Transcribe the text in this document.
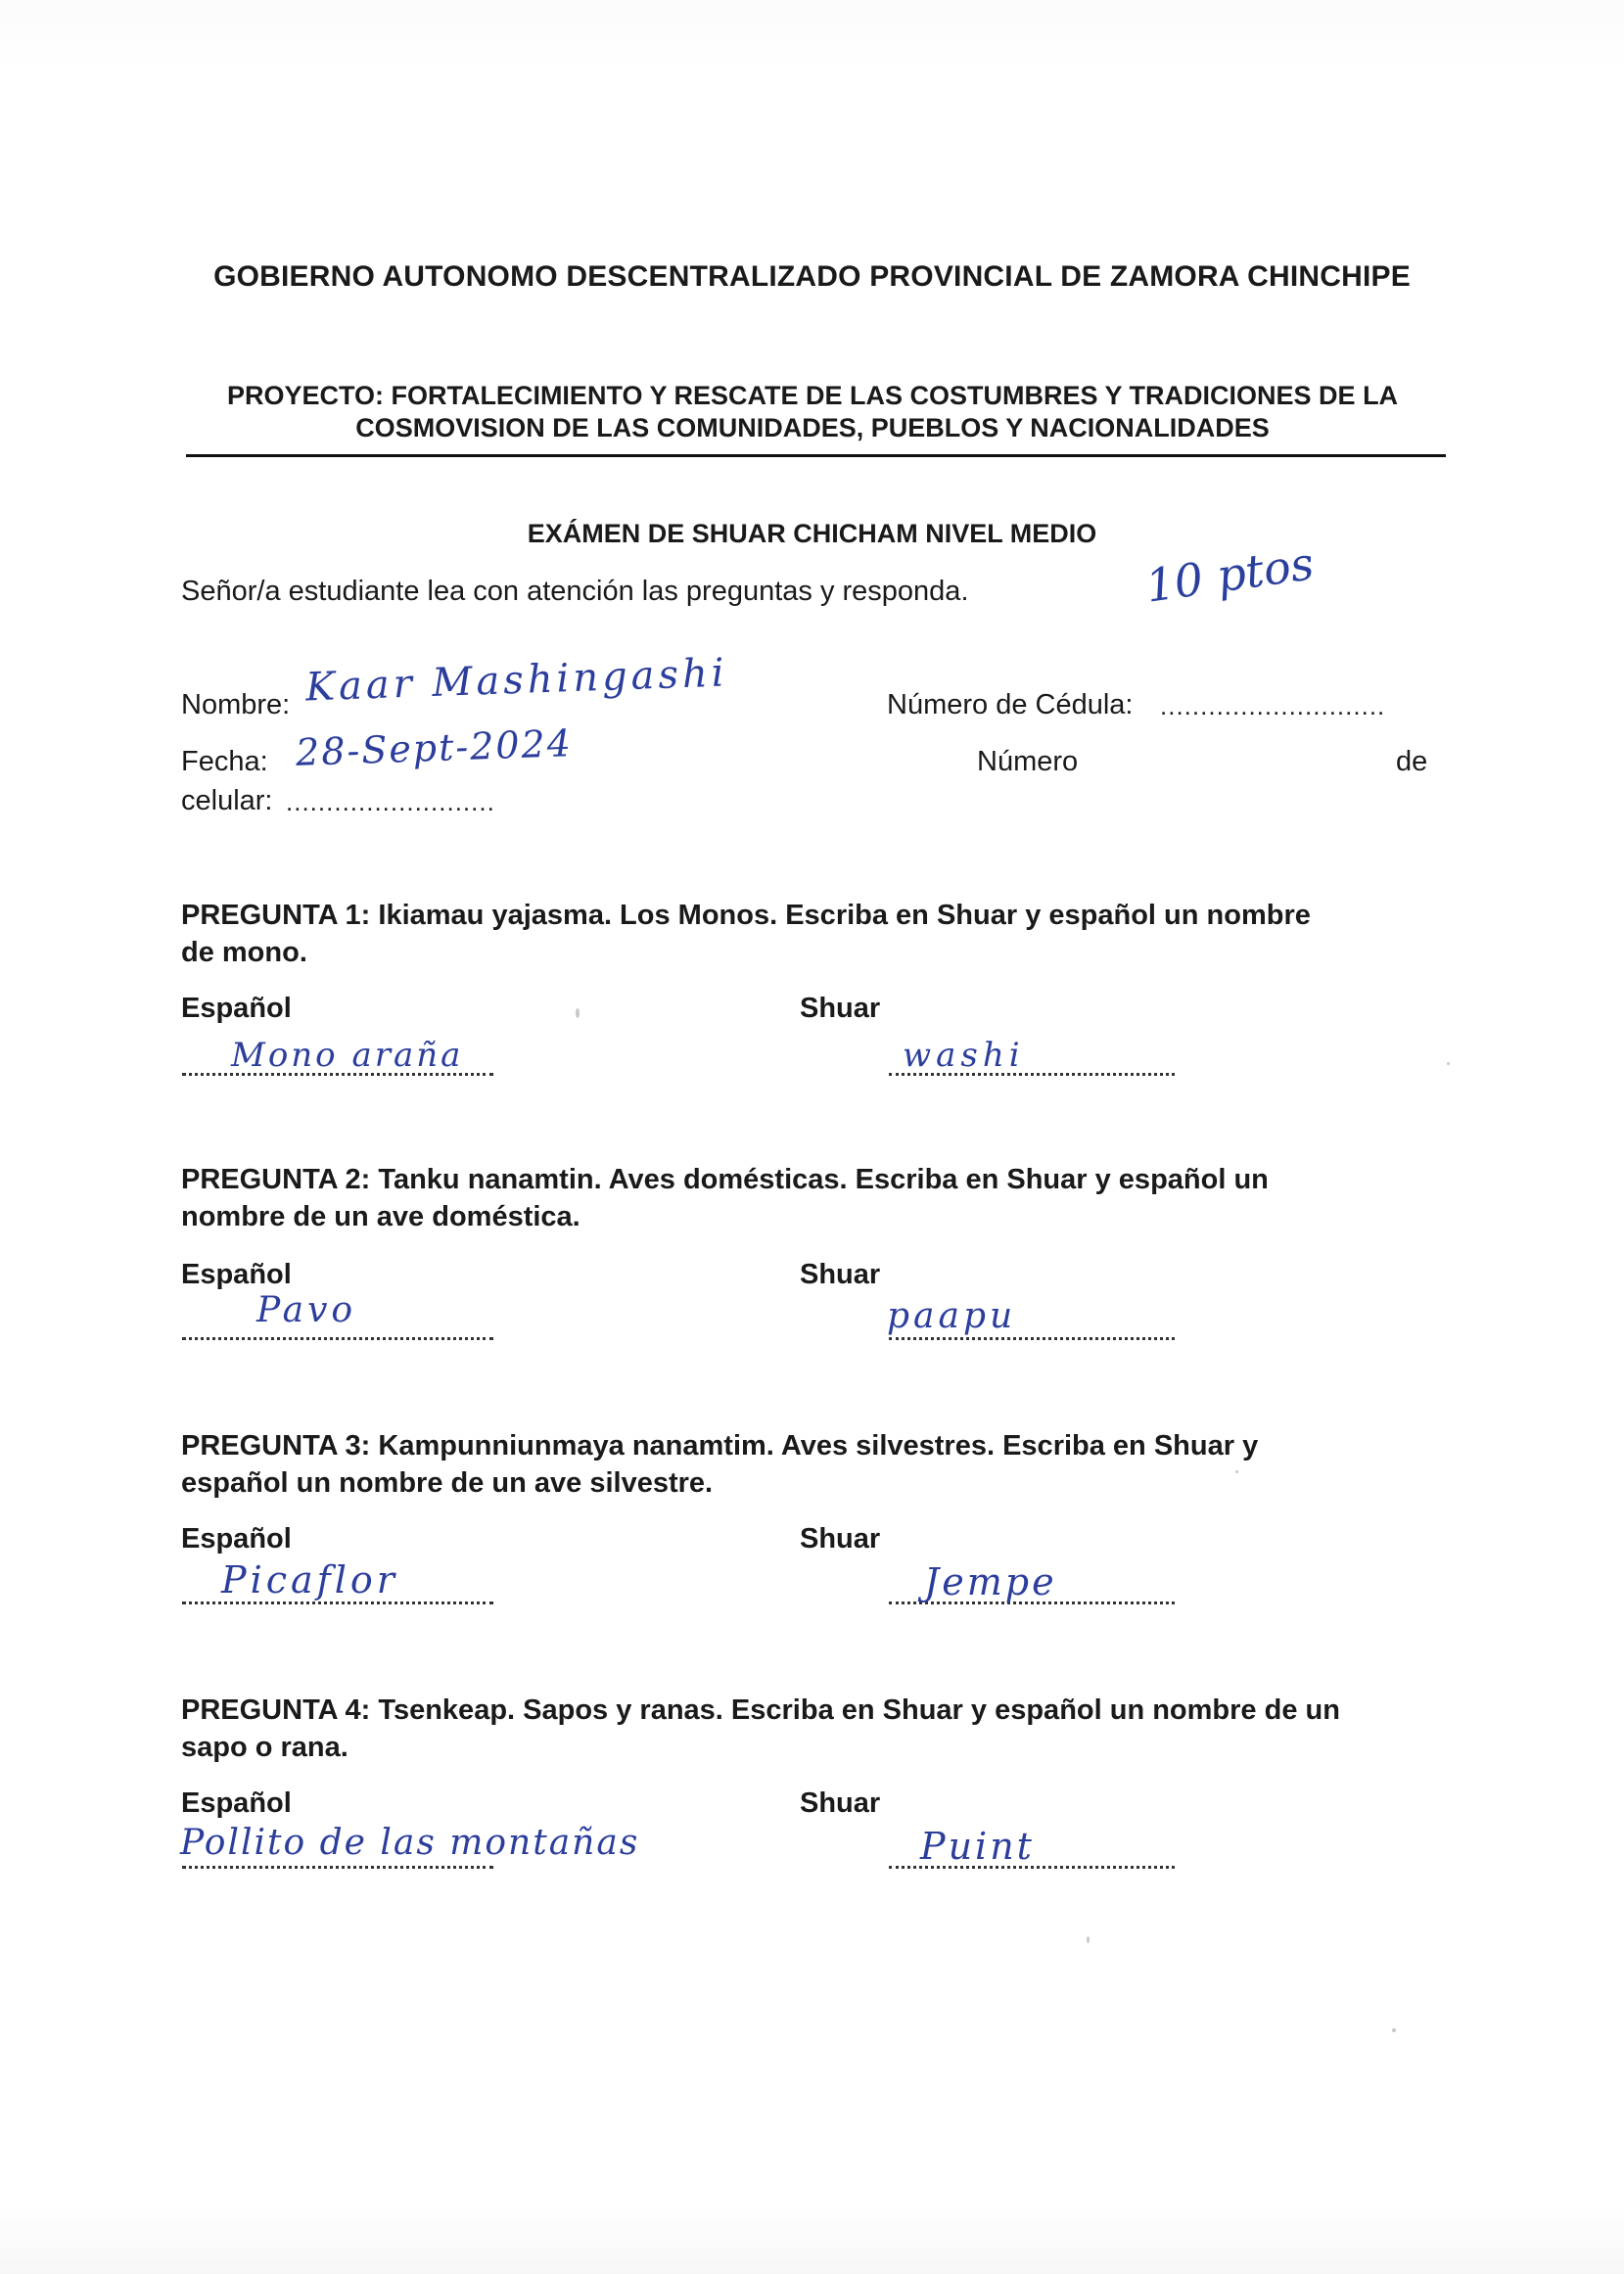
GOBIERNO AUTONOMO DESCENTRALIZADO PROVINCIAL DE ZAMORA CHINCHIPE
PROYECTO: FORTALECIMIENTO Y RESCATE DE LAS COSTUMBRES Y TRADICIONES DE LA
COSMOVISION DE LAS COMUNIDADES, PUEBLOS Y NACIONALIDADES
EXÁMEN DE SHUAR CHICHAM NIVEL MEDIO
Señor/a estudiante lea con atención las preguntas y responda.	10 ptos
Nombre: Kaar Mashingashi	Número de Cédula: ............................
Fecha: 28-Sept-2024	Número	de
celular: ..........................
PREGUNTA 1: Ikiamau yajasma. Los Monos. Escriba en Shuar y español un nombre
de mono.
Español	Shuar
Mono araña	washi
PREGUNTA 2: Tanku nanamtin. Aves domésticas. Escriba en Shuar y español un
nombre de un ave doméstica.
Español	Shuar
Pavo	paapu
PREGUNTA 3: Kampunniunmaya nanamtim. Aves silvestres. Escriba en Shuar y
español un nombre de un ave silvestre.
Español	Shuar
Picaflor	Jempe
PREGUNTA 4: Tsenkeap. Sapos y ranas. Escriba en Shuar y español un nombre de un
sapo o rana.
Español	Shuar
Pollito de las montañas	Puint
